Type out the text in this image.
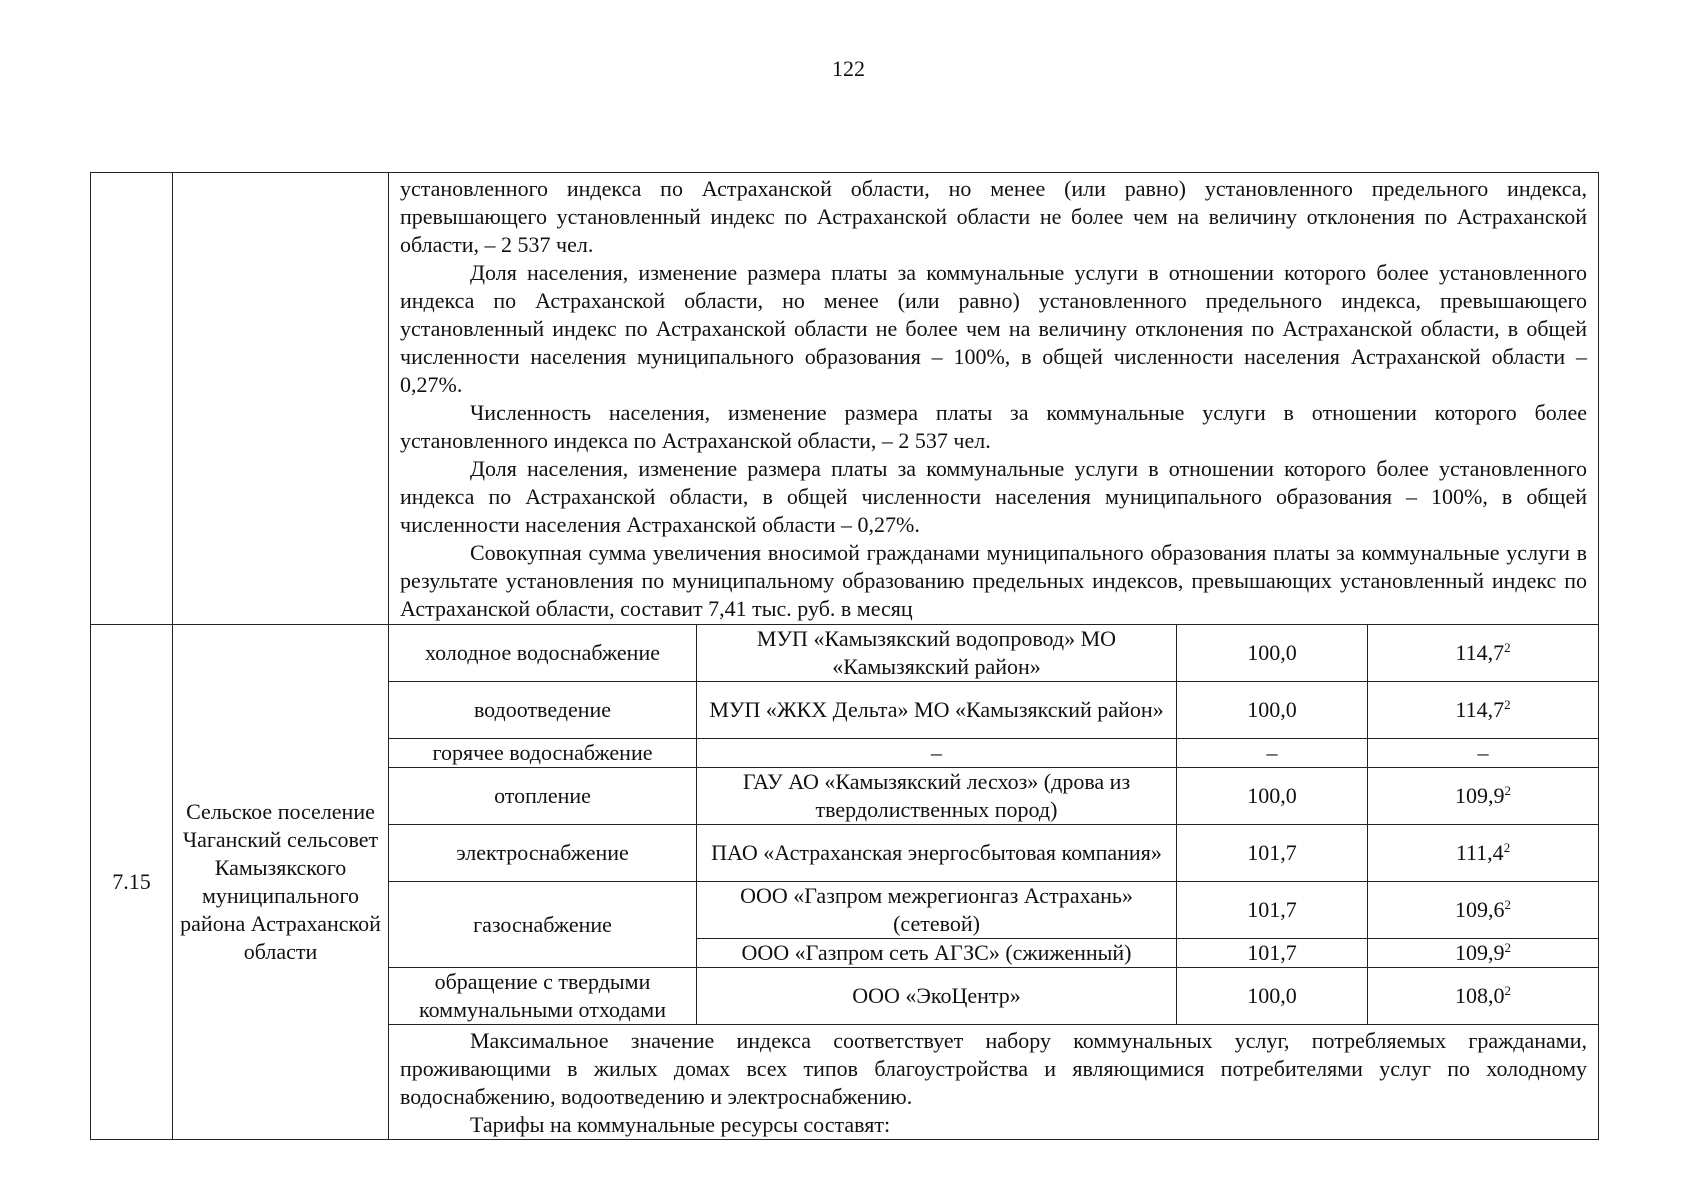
122

		установленного индекса по Астраханской области, но менее (или равно) установленного предельного индекса, превышающего установленный индекс по Астраханской области не более чем на величину отклонения по Астраханской области, – 2 537 чел.

Доля населения, изменение размера платы за коммунальные услуги в отношении которого более установленного индекса по Астраханской области, но менее (или равно) установленного предельного индекса, превышающего установленный индекс по Астраханской области не более чем на величину отклонения по Астраханской области, в общей численности населения муниципального образования – 100%, в общей численности населения Астраханской области – 0,27%.

Численность населения, изменение размера платы за коммунальные услуги в отношении которого более установленного индекса по Астраханской области, – 2 537 чел.

Доля населения, изменение размера платы за коммунальные услуги в отношении которого более установленного индекса по Астраханской области, в общей численности населения муниципального образования – 100%, в общей численности населения Астраханской области – 0,27%.

Совокупная сумма увеличения вносимой гражданами муниципального образования платы за коммунальные услуги в результате установления по муниципальному образованию предельных индексов, превышающих установленный индекс по Астраханской области, составит 7,41 тыс. руб. в месяц			

7.15	Сельское поселение Чаганский сельсовет Камызякского муниципального района Астраханской области	холодное водоснабжение	МУП «Камызякский водопровод» МО «Камызякский район»	100,0	114,7$^2$
		водоотведение	МУП «ЖКХ Дельта» МО «Камызякский район»	100,0	114,7$^2$
		горячее водоснабжение	–	–	–
		отопление	ГАУ АО «Камызякский лесхоз» (дрова из твердолиственных пород)	100,0	109,9$^2$
		электроснабжение	ПАО «Астраханская энергосбытовая компания»	101,7	111,4$^2$
		газоснабжение	ООО «Газпром межрегионгаз Астрахань» (сетевой)	101,7	109,6$^2$
			ООО «Газпром сеть АГЗС» (сжиженный)	101,7	109,9$^2$
		обращение с твердыми коммунальными отходами	ООО «ЭкоЦентр»	100,0	108,0$^2$

		Максимальное значение индекса соответствует набору коммунальных услуг, потребляемых гражданами, проживающими в жилых домах всех типов благоустройства и являющимися потребителями услуг по холодному водоснабжению, водоотведению и электроснабжению.

Тарифы на коммунальные ресурсы составят:			
